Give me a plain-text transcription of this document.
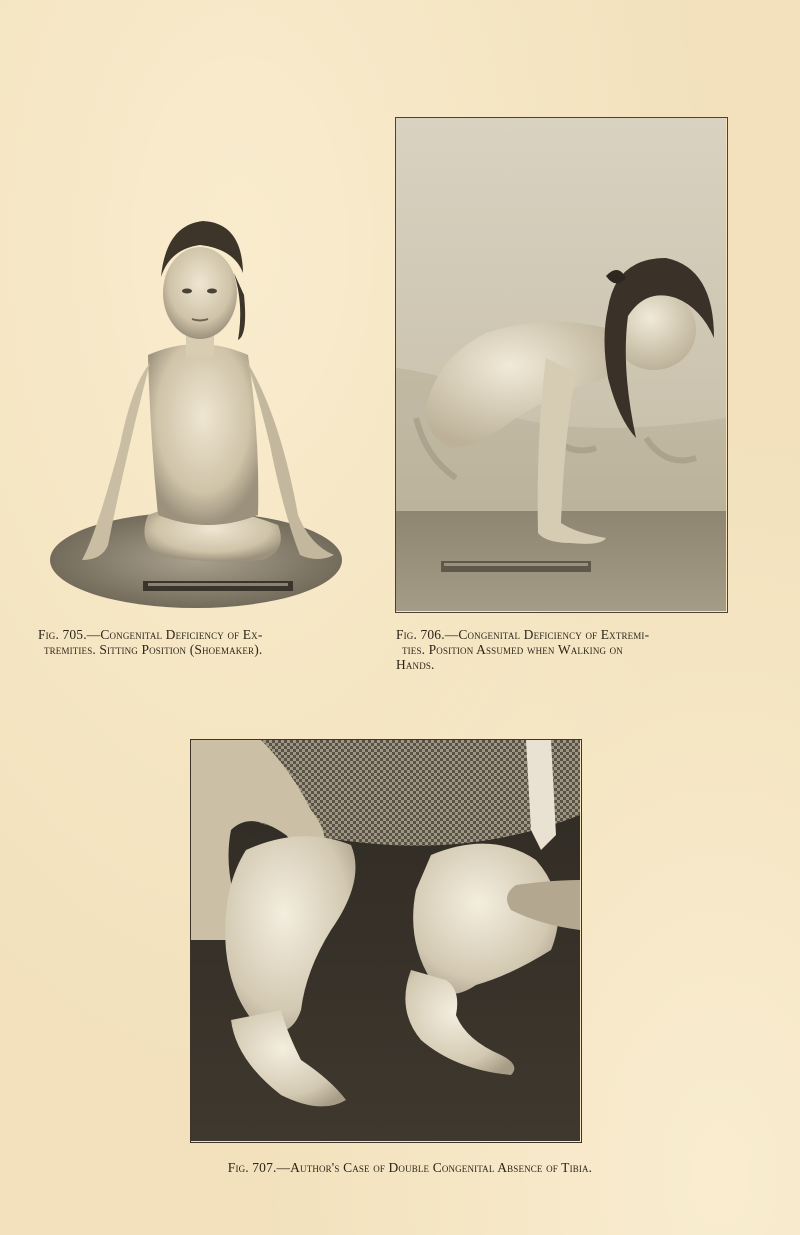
Fig. 705.—Congenital Deficiency of Ex-
tremities. Sitting Position (Shoemaker).
Fig. 706.—Congenital Deficiency of Extremi-
ties. Position Assumed when Walking on
Hands.
Fig. 707.—Author's Case of Double Congenital Absence of Tibia.
